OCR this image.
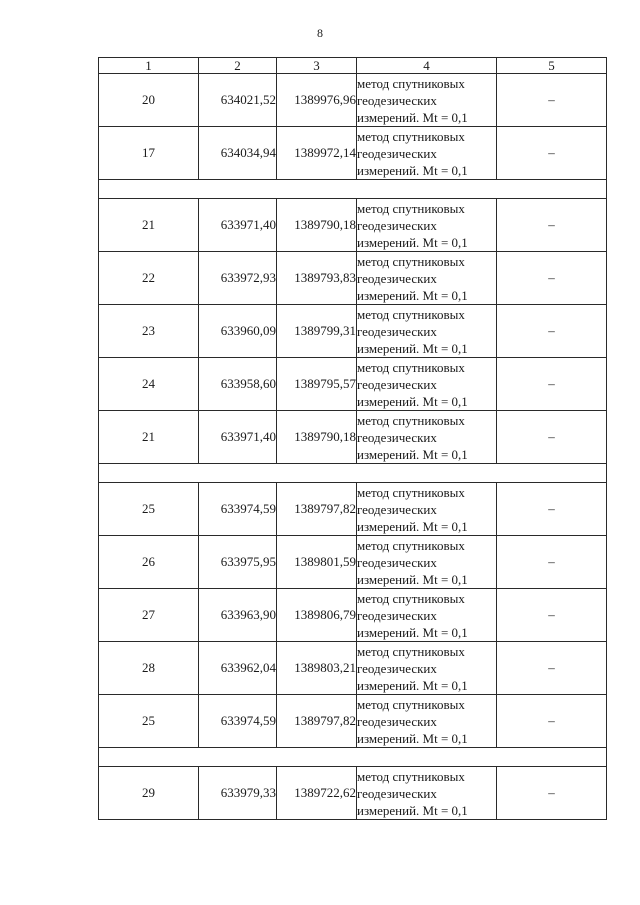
8
1	2	3	4	5
20	634021,52	1389976,96	метод спутниковых
геодезических
измерений. Mt = 0,1	–
17	634034,94	1389972,14	метод спутниковых
геодезических
измерений. Mt = 0,1	–

21	633971,40	1389790,18	метод спутниковых
геодезических
измерений. Mt = 0,1	–
22	633972,93	1389793,83	метод спутниковых
геодезических
измерений. Mt = 0,1	–
23	633960,09	1389799,31	метод спутниковых
геодезических
измерений. Mt = 0,1	–
24	633958,60	1389795,57	метод спутниковых
геодезических
измерений. Mt = 0,1	–
21	633971,40	1389790,18	метод спутниковых
геодезических
измерений. Mt = 0,1	–

25	633974,59	1389797,82	метод спутниковых
геодезических
измерений. Mt = 0,1	–
26	633975,95	1389801,59	метод спутниковых
геодезических
измерений. Mt = 0,1	–
27	633963,90	1389806,79	метод спутниковых
геодезических
измерений. Mt = 0,1	–
28	633962,04	1389803,21	метод спутниковых
геодезических
измерений. Mt = 0,1	–
25	633974,59	1389797,82	метод спутниковых
геодезических
измерений. Mt = 0,1	–

29	633979,33	1389722,62	метод спутниковых
геодезических
измерений. Mt = 0,1	–
